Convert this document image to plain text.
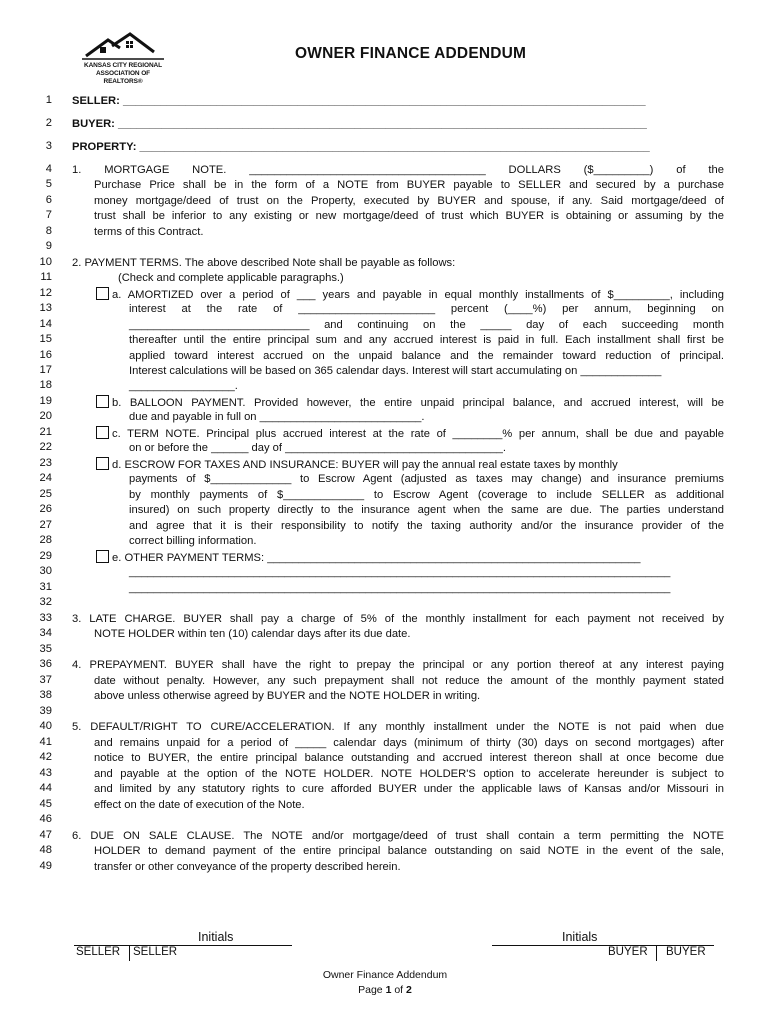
KANSAS CITY REGIONAL
ASSOCIATION OF REALTORS®
OWNER FINANCE ADDENDUM
1
2
3
4
5
6
7
8
9
10
11
12
13
14
15
16
17
18
19
20
21
22
23
24
25
26
27
28
29
30
31
32
33
34
35
36
37
38
39
40
41
42
43
44
45
46
47
48
49
SELLER: ____________________________________________________________________________________
BUYER: _____________________________________________________________________________________
PROPERTY: __________________________________________________________________________________
1. MORTGAGE NOTE. ______________________________________ DOLLARS ($_________) of the
Purchase Price shall be in the form of a NOTE from BUYER payable to SELLER and secured by a purchase
money mortgage/deed of trust on the Property, executed by BUYER and spouse, if any. Said mortgage/deed of
trust shall be inferior to any existing or new mortgage/deed of trust which BUYER is obtaining or assuming by the
terms of this Contract.
2. PAYMENT TERMS. The above described Note shall be payable as follows:
(Check and complete applicable paragraphs.)
a. AMORTIZED over a period of ___ years and payable in equal monthly installments of $_________, including
interest at the rate of ______________________ percent (____%) per annum, beginning on
_____________________________ and continuing on the _____ day of each succeeding month
thereafter until the entire principal sum and any accrued interest is paid in full. Each installment shall first be
applied toward interest accrued on the unpaid balance and the remainder toward reduction of principal.
Interest calculations will be based on 365 calendar days. Interest will start accumulating on _____________
_________________.
b. BALLOON PAYMENT. Provided however, the entire unpaid principal balance, and accrued interest, will be
due and payable in full on __________________________.
c. TERM NOTE. Principal plus accrued interest at the rate of ________% per annum, shall be due and payable
on or before the ______ day of ___________________________________.
d. ESCROW FOR TAXES AND INSURANCE: BUYER will pay the annual real estate taxes by monthly
payments of $_____________ to Escrow Agent (adjusted as taxes may change) and insurance premiums
by monthly payments of $_____________ to Escrow Agent (coverage to include SELLER as additional
insured) on such property directly to the insurance agent when the same are due. The parties understand
and agree that it is their responsibility to notify the taxing authority and/or the insurance provider of the
correct billing information.
e. OTHER PAYMENT TERMS: ____________________________________________________________
_______________________________________________________________________________________
_______________________________________________________________________________________
3. LATE CHARGE. BUYER shall pay a charge of 5% of the monthly installment for each payment not received by
NOTE HOLDER within ten (10) calendar days after its due date.
4. PREPAYMENT. BUYER shall have the right to prepay the principal or any portion thereof at any interest paying
date without penalty. However, any such prepayment shall not reduce the amount of the monthly payment stated
above unless otherwise agreed by BUYER and the NOTE HOLDER in writing.
5. DEFAULT/RIGHT TO CURE/ACCELERATION. If any monthly installment under the NOTE is not paid when due
and remains unpaid for a period of _____ calendar days (minimum of thirty (30) days on second mortgages) after
notice to BUYER, the entire principal balance outstanding and accrued interest thereon shall at once become due
and payable at the option of the NOTE HOLDER. NOTE HOLDER'S option to accelerate hereunder is subject to
and limited by any statutory rights to cure afforded BUYER under the applicable laws of Kansas and/or Missouri in
effect on the date of execution of the Note.
6. DUE ON SALE CLAUSE. The NOTE and/or mortgage/deed of trust shall contain a term permitting the NOTE
HOLDER to demand payment of the entire principal balance outstanding on said NOTE in the event of the sale,
transfer or other conveyance of the property described herein.
Initials
SELLER SELLER
Initials
BUYER BUYER
Owner Finance Addendum
Page 1 of 2
